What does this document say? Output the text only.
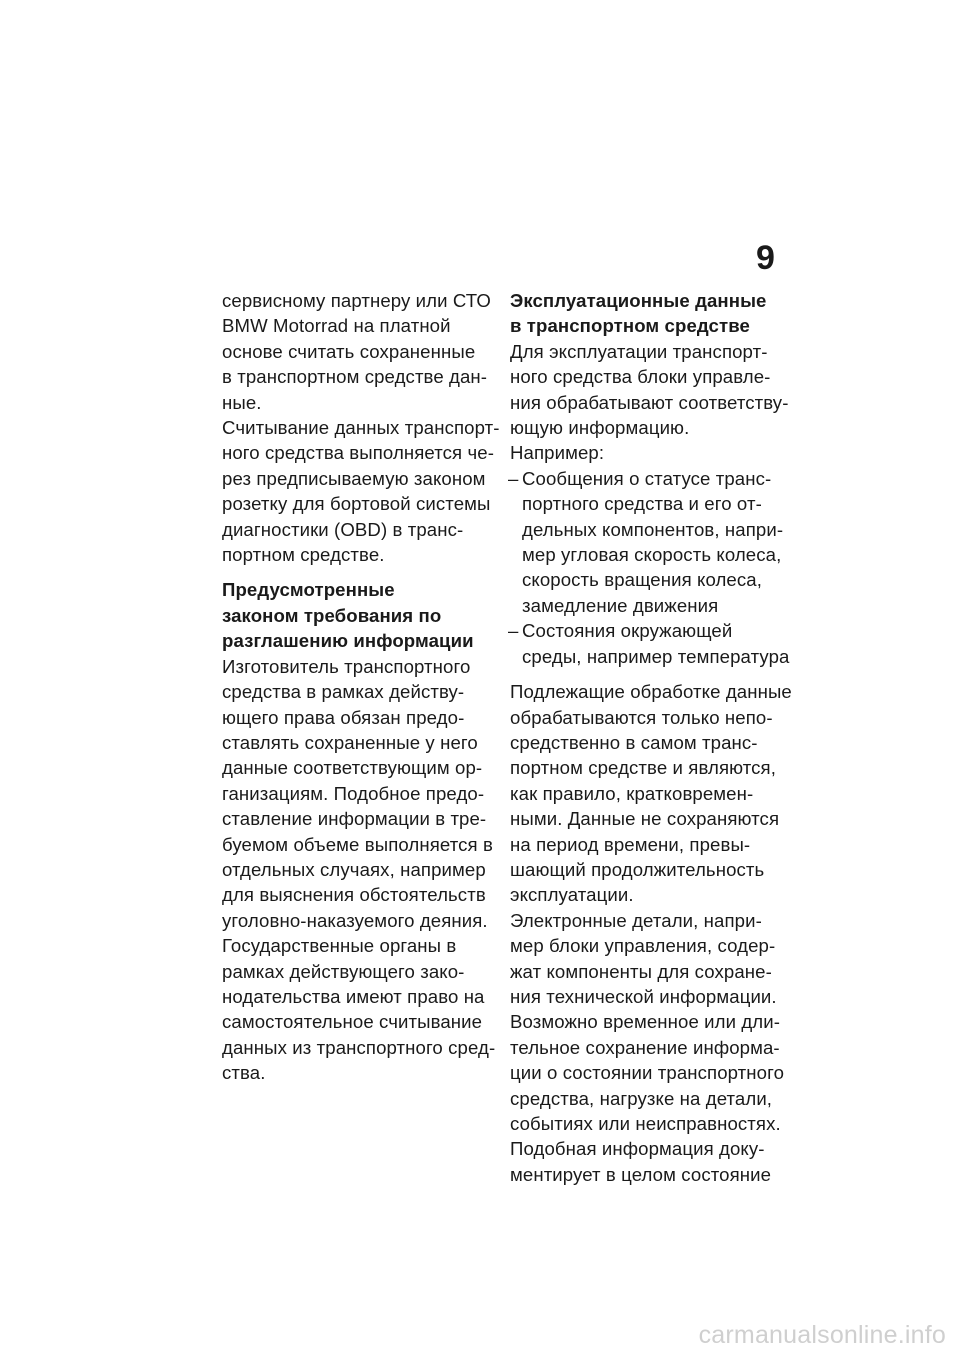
9
сервисному партнеру или СТО
BMW Motorrad на платной
основе считать сохраненные
в транспортном средстве дан-
ные.
Считывание данных транспорт-
ного средства выполняется че-
рез предписываемую законом
розетку для бортовой системы
диагностики (OBD) в транс-
портном средстве.
Предусмотренные
законом требования по
разглашению информации
Изготовитель транспортного
средства в рамках действу-
ющего права обязан предо-
ставлять сохраненные у него
данные соответствующим ор-
ганизациям. Подобное предо-
ставление информации в тре-
буемом объеме выполняется в
отдельных случаях, например
для выяснения обстоятельств
уголовно-наказуемого деяния.
Государственные органы в
рамках действующего зако-
нодательства имеют право на
самостоятельное считывание
данных из транспортного сред-
ства.
Эксплуатационные данные
в транспортном средстве
Для эксплуатации транспорт-
ного средства блоки управле-
ния обрабатывают соответству-
ющую информацию.
Например:
– Сообщения о статусе транс-
портного средства и его от-
дельных компонентов, напри-
мер угловая скорость колеса,
скорость вращения колеса,
замедление движения
– Состояния окружающей
среды, например температура
Подлежащие обработке данные
обрабатываются только непо-
средственно в самом транс-
портном средстве и являются,
как правило, кратковремен-
ными. Данные не сохраняются
на период времени, превы-
шающий продолжительность
эксплуатации.
Электронные детали, напри-
мер блоки управления, содер-
жат компоненты для сохране-
ния технической информации.
Возможно временное или дли-
тельное сохранение информа-
ции о состоянии транспортного
средства, нагрузке на детали,
событиях или неисправностях.
Подобная информация доку-
ментирует в целом состояние
carmanualsonline.info
